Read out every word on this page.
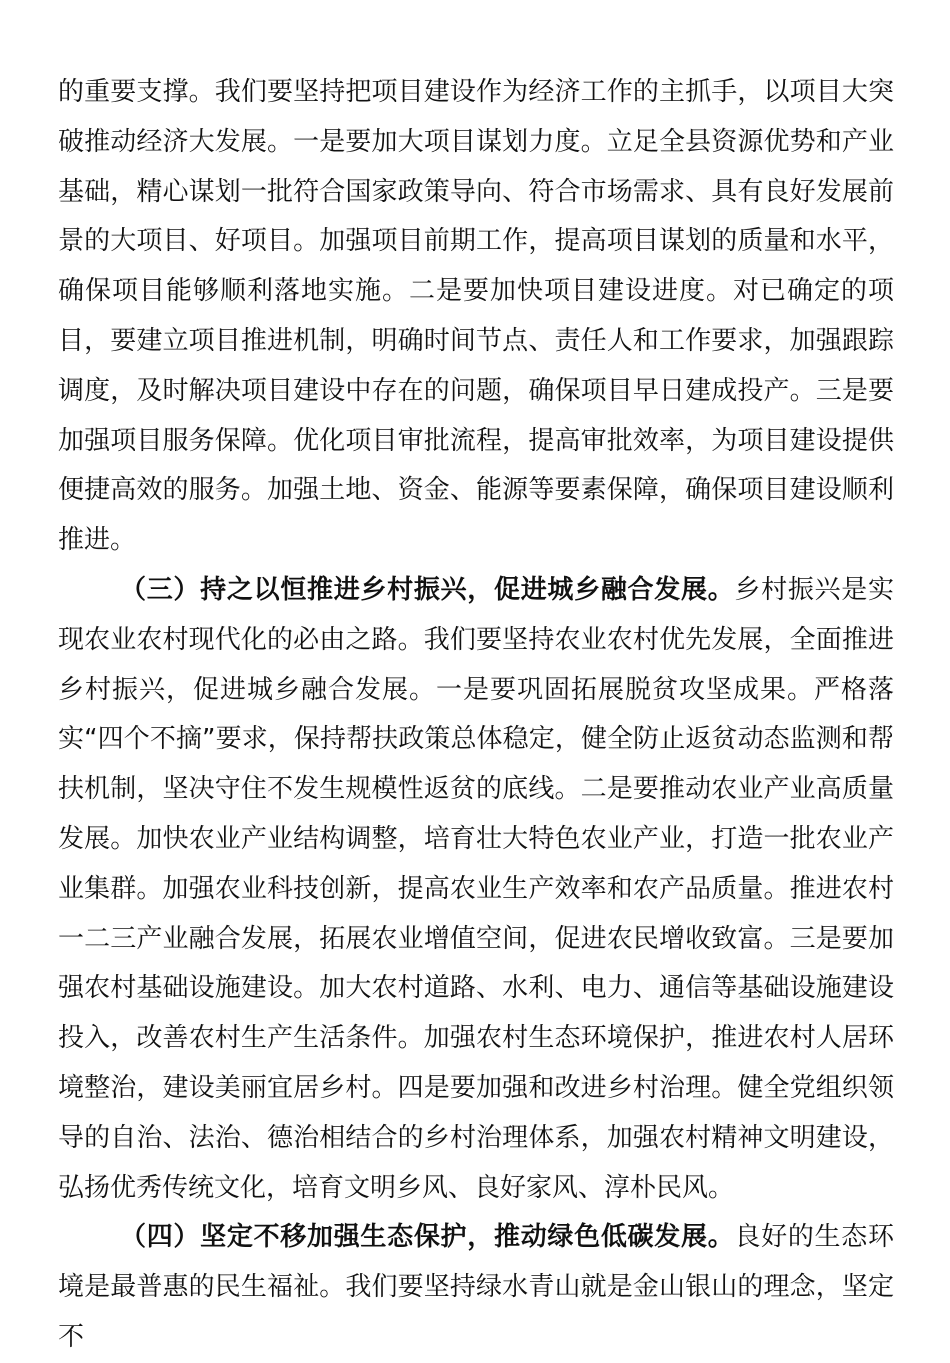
的重要支撑。我们要坚持把项目建设作为经济工作的主抓手，以项目大突破推动经济大发展。一是要加大项目谋划力度。立足全县资源优势和产业基础，精心谋划一批符合国家政策导向、符合市场需求、具有良好发展前景的大项目、好项目。加强项目前期工作，提高项目谋划的质量和水平，确保项目能够顺利落地实施。二是要加快项目建设进度。对已确定的项目，要建立项目推进机制，明确时间节点、责任人和工作要求，加强跟踪调度，及时解决项目建设中存在的问题，确保项目早日建成投产。三是要加强项目服务保障。优化项目审批流程，提高审批效率，为项目建设提供便捷高效的服务。加强土地、资金、能源等要素保障，确保项目建设顺利推进。

（三）持之以恒推进乡村振兴，促进城乡融合发展。乡村振兴是实现农业农村现代化的必由之路。我们要坚持农业农村优先发展，全面推进乡村振兴，促进城乡融合发展。一是要巩固拓展脱贫攻坚成果。严格落实“四个不摘”要求，保持帮扶政策总体稳定，健全防止返贫动态监测和帮扶机制，坚决守住不发生规模性返贫的底线。二是要推动农业产业高质量发展。加快农业产业结构调整，培育壮大特色农业产业，打造一批农业产业集群。加强农业科技创新，提高农业生产效率和农产品质量。推进农村一二三产业融合发展，拓展农业增值空间，促进农民增收致富。三是要加强农村基础设施建设。加大农村道路、水利、电力、通信等基础设施建设投入，改善农村生产生活条件。加强农村生态环境保护，推进农村人居环境整治，建设美丽宜居乡村。四是要加强和改进乡村治理。健全党组织领导的自治、法治、德治相结合的乡村治理体系，加强农村精神文明建设，弘扬优秀传统文化，培育文明乡风、良好家风、淳朴民风。

（四）坚定不移加强生态保护，推动绿色低碳发展。良好的生态环境是最普惠的民生福祉。我们要坚持绿水青山就是金山银山的理念，坚定不
